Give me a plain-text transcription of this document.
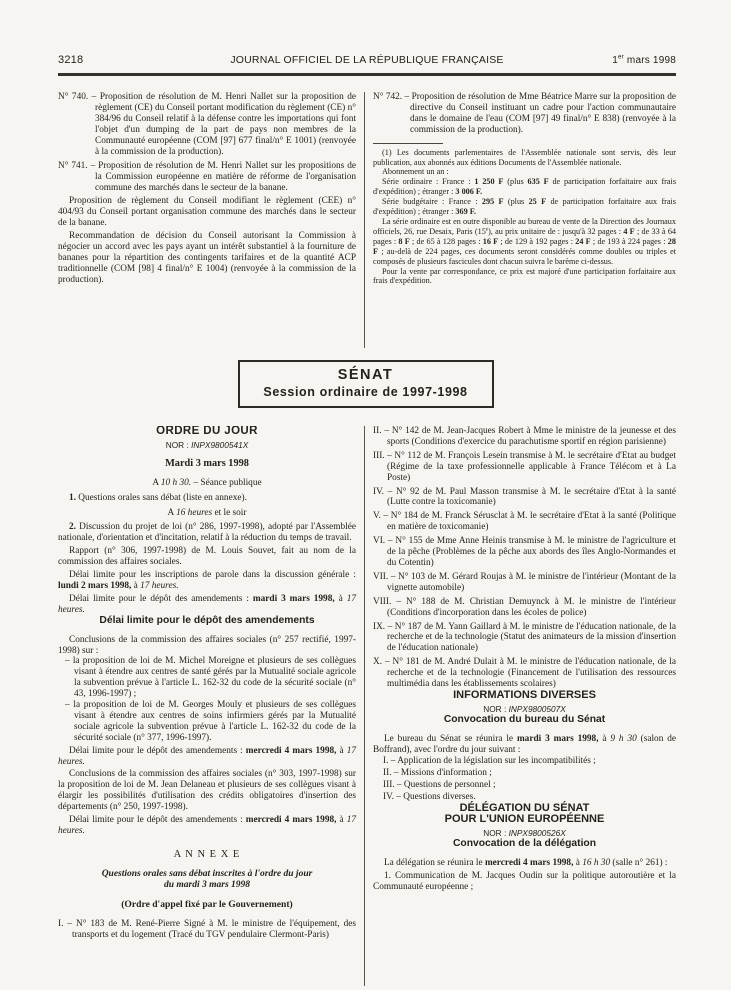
3218	JOURNAL OFFICIEL DE LA RÉPUBLIQUE FRANÇAISE	1er mars 1998

N° 740. – Proposition de résolution de M. Henri Nallet sur la proposition de règlement (CE) du Conseil portant modification du règlement (CE) n° 384/96 du Conseil relatif à la défense contre les importations qui font l'objet d'un dumping de la part de pays non membres de la Communauté européenne (COM [97] 677 final/n° E 1001) (renvoyée à la commission de la production).

N° 741. – Proposition de résolution de M. Henri Nallet sur les propositions de la Commission européenne en matière de réforme de l'organisation commune des marchés dans le secteur de la banane.

Proposition de règlement du Conseil modifiant le règlement (CEE) n° 404/93 du Conseil portant organisation commune des marchés dans le secteur de la banane.

Recommandation de décision du Conseil autorisant la Commission à négocier un accord avec les pays ayant un intérêt substantiel à la fourniture de bananes pour la répartition des contingents tarifaires et de la quantité ACP traditionnelle (COM [98] 4 final/n° E 1004) (renvoyée à la commission de la production).

N° 742. – Proposition de résolution de Mme Béatrice Marre sur la proposition de directive du Conseil instituant un cadre pour l'action communautaire dans le domaine de l'eau (COM [97] 49 final/n° E 838) (renvoyée à la commission de la production).

(1) Les documents parlementaires de l'Assemblée nationale sont servis, dès leur publication, aux abonnés aux éditions Documents de l'Assemblée nationale.

Abonnement un an :

Série ordinaire : France : 1 250 F (plus 635 F de participation forfaitaire aux frais d'expédition) ; étranger : 3 006 F.

Série budgétaire : France : 295 F (plus 25 F de participation forfaitaire aux frais d'expédition) ; étranger : 369 F.

La série ordinaire est en outre disponible au bureau de vente de la Direction des Journaux officiels, 26, rue Desaix, Paris (15e), au prix unitaire de : jusqu'à 32 pages : 4 F ; de 33 à 64 pages : 8 F ; de 65 à 128 pages : 16 F ; de 129 à 192 pages : 24 F ; de 193 à 224 pages : 28 F ; au-delà de 224 pages, ces documents seront considérés comme doubles ou triples et composés de plusieurs fascicules dont chacun suivra le barème ci-dessus.

Pour la vente par correspondance, ce prix est majoré d'une participation forfaitaire aux frais d'expédition.

SÉNAT

Session ordinaire de 1997-1998

ORDRE DU JOUR

NOR : INPX9800541X

Mardi 3 mars 1998

A 10 h 30. – Séance publique

1. Questions orales sans débat (liste en annexe).

A 16 heures et le soir

2. Discussion du projet de loi (n° 286, 1997-1998), adopté par l'Assemblée nationale, d'orientation et d'incitation, relatif à la réduction du temps de travail.

Rapport (n° 306, 1997-1998) de M. Louis Souvet, fait au nom de la commission des affaires sociales.

Délai limite pour les inscriptions de parole dans la discussion générale : lundi 2 mars 1998, à 17 heures.

Délai limite pour le dépôt des amendements : mardi 3 mars 1998, à 17 heures.

Délai limite pour le dépôt des amendements

Conclusions de la commission des affaires sociales (n° 257 rectifié, 1997-1998) sur :

– la proposition de loi de M. Michel Moreigne et plusieurs de ses collègues visant à étendre aux centres de santé gérés par la Mutualité sociale agricole la subvention prévue à l'article L. 162-32 du code de la sécurité sociale (n° 43, 1996-1997) ;

– la proposition de loi de M. Georges Mouly et plusieurs de ses collègues visant à étendre aux centres de soins infirmiers gérés par la Mutualité sociale agricole la subvention prévue à l'article L. 162-32 du code de la sécurité sociale (n° 377, 1996-1997).

Délai limite pour le dépôt des amendements : mercredi 4 mars 1998, à 17 heures.

Conclusions de la commission des affaires sociales (n° 303, 1997-1998) sur la proposition de loi de M. Jean Delaneau et plusieurs de ses collègues visant à élargir les possibilités d'utilisation des crédits obligatoires d'insertion des départements (n° 250, 1997-1998).

Délai limite pour le dépôt des amendements : mercredi 4 mars 1998, à 17 heures.

A N N E X E

Questions orales sans débat inscrites à l'ordre du jour
du mardi 3 mars 1998

(Ordre d'appel fixé par le Gouvernement)

I. – N° 183 de M. René-Pierre Signé à M. le ministre de l'équipement, des transports et du logement (Tracé du TGV pendulaire Clermont-Paris)

II. – N° 142 de M. Jean-Jacques Robert à Mme le ministre de la jeunesse et des sports (Conditions d'exercice du parachutisme sportif en région parisienne)

III. – N° 112 de M. François Lesein transmise à M. le secrétaire d'Etat au budget (Régime de la taxe professionnelle applicable à France Télécom et à La Poste)

IV. – N° 92 de M. Paul Masson transmise à M. le secrétaire d'Etat à la santé (Lutte contre la toxicomanie)

V. – N° 184 de M. Franck Sérusclat à M. le secrétaire d'Etat à la santé (Politique en matière de toxicomanie)

VI. – N° 155 de Mme Anne Heinis transmise à M. le ministre de l'agriculture et de la pêche (Problèmes de la pêche aux abords des îles Anglo-Normandes et du Cotentin)

VII. – N° 103 de M. Gérard Roujas à M. le ministre de l'intérieur (Montant de la vignette automobile)

VIII. – N° 188 de M. Christian Demuynck à M. le ministre de l'intérieur (Conditions d'incorporation dans les écoles de police)

IX. – N° 187 de M. Yann Gaillard à M. le ministre de l'éducation nationale, de la recherche et de la technologie (Statut des animateurs de la mission d'insertion de l'éducation nationale)

X. – N° 181 de M. André Dulait à M. le ministre de l'éducation nationale, de la recherche et de la technologie (Financement de l'utilisation des ressources multimédia dans les établissements scolaires)

INFORMATIONS DIVERSES

NOR : INPX9800507X

Convocation du bureau du Sénat

Le bureau du Sénat se réunira le mardi 3 mars 1998, à 9 h 30 (salon de Boffrand), avec l'ordre du jour suivant :

I. – Application de la législation sur les incompatibilités ;

II. – Missions d'information ;

III. – Questions de personnel ;

IV. – Questions diverses.

DÉLÉGATION DU SÉNAT
POUR L'UNION EUROPÉENNE

NOR : INPX9800526X

Convocation de la délégation

La délégation se réunira le mercredi 4 mars 1998, à 16 h 30 (salle n° 261) :

1. Communication de M. Jacques Oudin sur la politique autoroutière et la Communauté européenne ;
